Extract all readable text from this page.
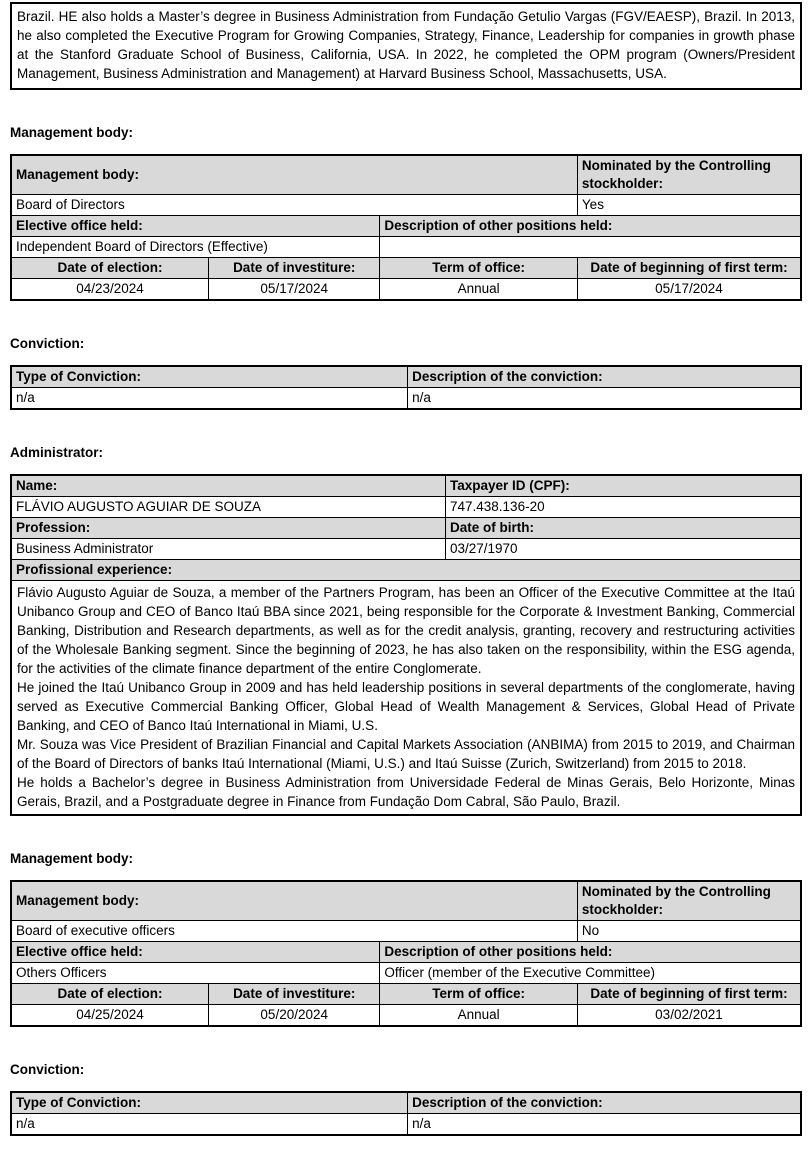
Brazil. HE also holds a Master’s degree in Business Administration from Fundação Getulio Vargas (FGV/EAESP), Brazil. In 2013, he also completed the Executive Program for Growing Companies, Strategy, Finance, Leadership for companies in growth phase at the Stanford Graduate School of Business, California, USA. In 2022, he completed the OPM program (Owners/President Management, Business Administration and Management) at Harvard Business School, Massachusetts, USA.
Management body:
Management body:			Nominated by the Controlling stockholder:
Board of Directors			Yes
Elective office held:		Description of other positions held:	
Independent Board of Directors (Effective)			
Date of election:	Date of investiture:	Term of office:	Date of beginning of first term:
04/23/2024	05/17/2024	Annual	05/17/2024
Conviction:
Type of Conviction:	Description of the conviction:
n/a	n/a
Administrator:
Name:	Taxpayer ID (CPF):
FLÁVIO AUGUSTO AGUIAR DE SOUZA	747.438.136-20
Profession:	Date of birth:
Business Administrator	03/27/1970
Profissional experience:	

Flávio Augusto Aguiar de Souza, a member of the Partners Program, has been an Officer of the Executive Committee at the Itaú Unibanco Group and CEO of Banco Itaú BBA since 2021, being responsible for the Corporate & Investment Banking, Commercial Banking, Distribution and Research departments, as well as for the credit analysis, granting, recovery and restructuring activities of the Wholesale Banking segment. Since the beginning of 2023, he has also taken on the responsibility, within the ESG agenda, for the activities of the climate finance department of the entire Conglomerate.

He joined the Itaú Unibanco Group in 2009 and has held leadership positions in several departments of the conglomerate, having served as Executive Commercial Banking Officer, Global Head of Wealth Management & Services, Global Head of Private Banking, and CEO of Banco Itaú International in Miami, U.S.

Mr. Souza was Vice President of Brazilian Financial and Capital Markets Association (ANBIMA) from 2015 to 2019, and Chairman of the Board of Directors of banks Itaú International (Miami, U.S.) and Itaú Suisse (Zurich, Switzerland) from 2015 to 2018.

He holds a Bachelor’s degree in Business Administration from Universidade Federal de Minas Gerais, Belo Horizonte, Minas Gerais, Brazil, and a Postgraduate degree in Finance from Fundação Dom Cabral, São Paulo, Brazil.	

Management body:
Management body:			Nominated by the Controlling stockholder:
Board of executive officers			No
Elective office held:		Description of other positions held:	
Others Officers		Officer (member of the Executive Committee)	
Date of election:	Date of investiture:	Term of office:	Date of beginning of first term:
04/25/2024	05/20/2024	Annual	03/02/2021
Conviction:
Type of Conviction:	Description of the conviction:
n/a	n/a
